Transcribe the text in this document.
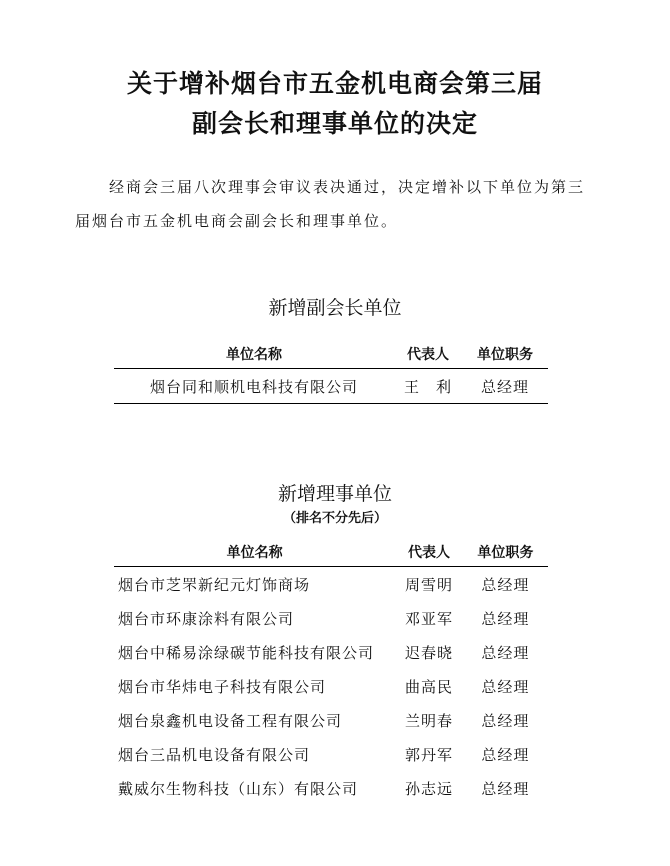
关于增补烟台市五金机电商会第三届
副会长和理事单位的决定
经商会三届八次理事会审议表决通过，决定增补以下单位为第三届烟台市五金机电商会副会长和理事单位。
新增副会长单位
单位名称	代表人	单位职务
烟台同和顺机电科技有限公司	王　利	总经理
新增理事单位
（排名不分先后）
单位名称	代表人	单位职务
烟台市芝罘新纪元灯饰商场	周雪明	总经理
烟台市环康涂料有限公司	邓亚军	总经理
烟台中稀易涂绿碳节能科技有限公司	迟春晓	总经理
烟台市华炜电子科技有限公司	曲高民	总经理
烟台泉鑫机电设备工程有限公司	兰明春	总经理
烟台三品机电设备有限公司	郭丹军	总经理
戴威尔生物科技（山东）有限公司	孙志远	总经理
